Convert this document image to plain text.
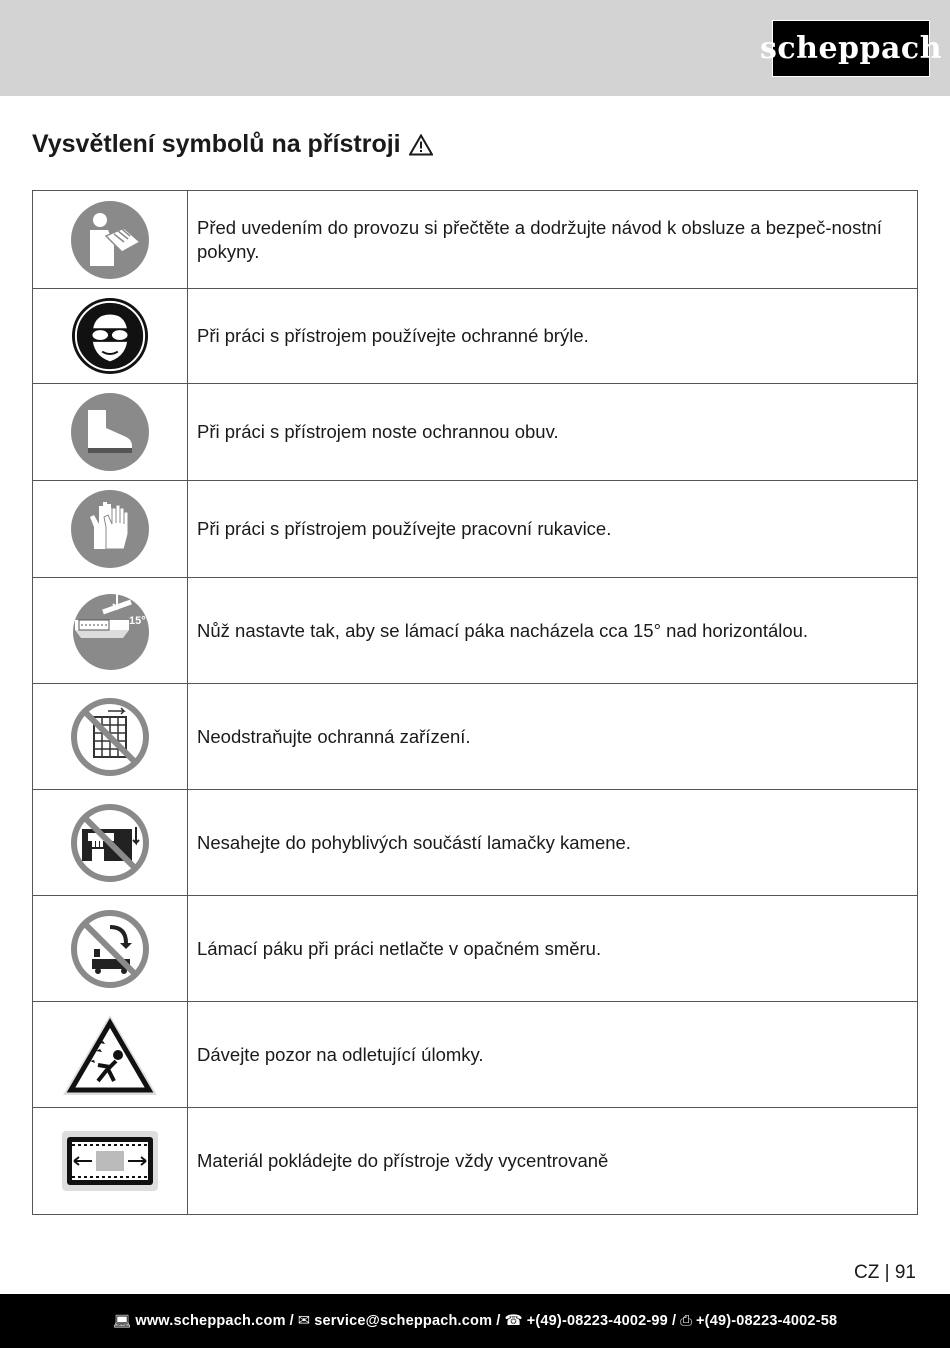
scheppach
Vysvětlení symbolů na přístroji
	Před uvedením do provozu si přečtěte a dodržujte návod k obsluze a bezpeč-nostní pokyny.

	Při práci s přístrojem používejte ochranné brýle.

	Při práci s přístrojem noste ochrannou obuv.

	Při práci s přístrojem používejte pracovní rukavice.

15°	Nůž nastavte tak, aby se lámací páka nacházela cca 15° nad horizontálou.

	Neodstraňujte ochranná zařízení.

	Nesahejte do pohyblivých součástí lamačky kamene.

	Lámací páku při práci netlačte v opačném směru.

	Dávejte pozor na odletující úlomky.

	Materiál pokládejte do přístroje vždy vycentrovaně
CZ | 91
💻︎ www.scheppach.com / ✉ service@scheppach.com / ☎ +(49)-08223-4002-99 / ⎙ +(49)-08223-4002-58
